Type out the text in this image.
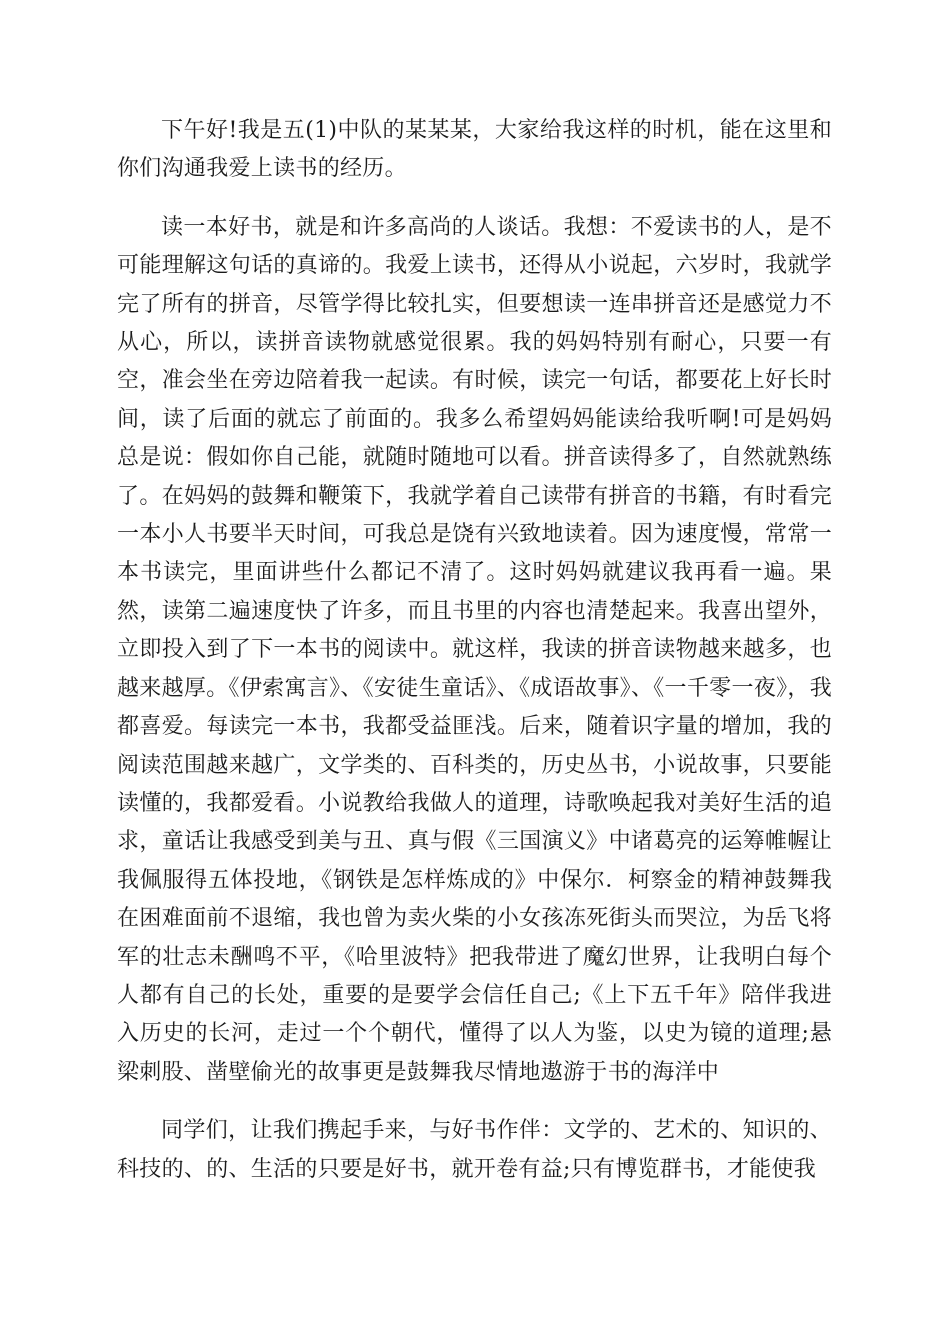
下午好!我是五(1)中队的某某某，大家给我这样的时机，能在这里和你们沟通我爱上读书的经历。

读一本好书，就是和许多高尚的人谈话。我想：不爱读书的人，是不可能理解这句话的真谛的。我爱上读书，还得从小说起，六岁时，我就学完了所有的拼音，尽管学得比较扎实，但要想读一连串拼音还是感觉力不从心，所以，读拼音读物就感觉很累。我的妈妈特别有耐心，只要一有空，准会坐在旁边陪着我一起读。有时候，读完一句话，都要花上好长时间，读了后面的就忘了前面的。我多么希望妈妈能读给我听啊!可是妈妈总是说：假如你自己能，就随时随地可以看。拼音读得多了，自然就熟练了。在妈妈的鼓舞和鞭策下，我就学着自己读带有拼音的书籍，有时看完一本小人书要半天时间，可我总是饶有兴致地读着。因为速度慢，常常一本书读完，里面讲些什么都记不清了。这时妈妈就建议我再看一遍。果然，读第二遍速度快了许多，而且书里的内容也清楚起来。我喜出望外，立即投入到了下一本书的阅读中。就这样，我读的拼音读物越来越多，也越来越厚。《伊索寓言》、《安徒生童话》、《成语故事》、《一千零一夜》，我都喜爱。每读完一本书，我都受益匪浅。后来，随着识字量的增加，我的阅读范围越来越广，文学类的、百科类的，历史丛书，小说故事，只要能读懂的，我都爱看。小说教给我做人的道理，诗歌唤起我对美好生活的追求，童话让我感受到美与丑、真与假《三国演义》中诸葛亮的运筹帷幄让我佩服得五体投地，《钢铁是怎样炼成的》中保尔．柯察金的精神鼓舞我在困难面前不退缩，我也曾为卖火柴的小女孩冻死街头而哭泣，为岳飞将军的壮志未酬鸣不平，《哈里波特》把我带进了魔幻世界，让我明白每个人都有自己的长处，重要的是要学会信任自己;《上下五千年》陪伴我进入历史的长河，走过一个个朝代，懂得了以人为鉴，以史为镜的道理;悬梁刺股、凿壁偷光的故事更是鼓舞我尽情地遨游于书的海洋中

同学们，让我们携起手来，与好书作伴：文学的、艺术的、知识的、科技的、的、生活的只要是好书，就开卷有益;只有博览群书，才能使我
